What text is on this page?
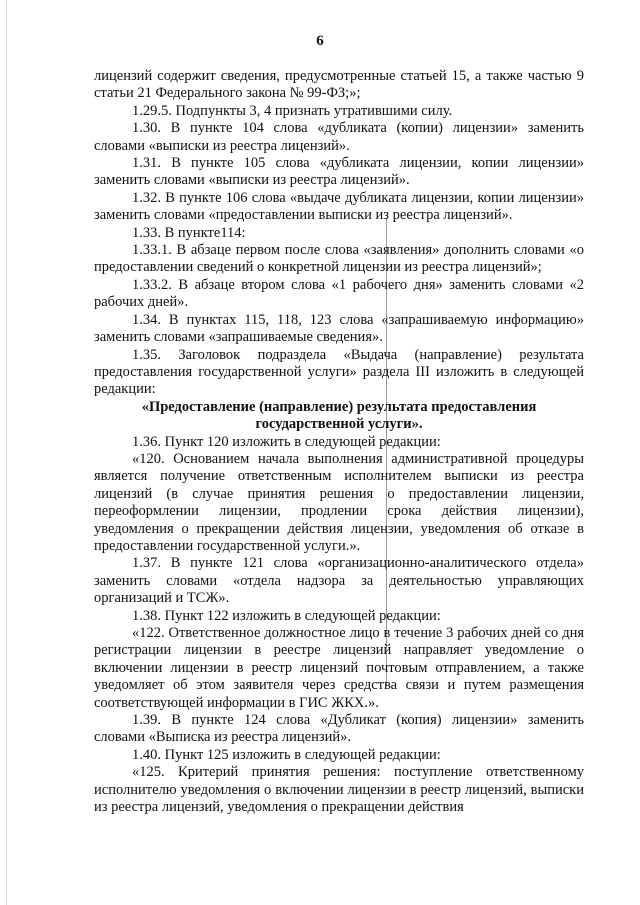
6

лицензий содержит сведения, предусмотренные статьей 15, а также частью 9 статьи 21 Федерального закона № 99-ФЗ;»;

1.29.5. Подпункты 3, 4 признать утратившими силу.

1.30. В пункте 104 слова «дубликата (копии) лицензии» заменить словами «выписки из реестра лицензий».

1.31. В пункте 105 слова «дубликата лицензии, копии лицензии» заменить словами «выписки из реестра лицензий».

1.32. В пункте 106 слова «выдаче дубликата лицензии, копии лицензии» заменить словами «предоставлении выписки из реестра лицензий».

1.33. В пункте114:

1.33.1. В абзаце первом после слова «заявления» дополнить словами «о предоставлении сведений о конкретной лицензии из реестра лицензий»;

1.33.2. В абзаце втором слова «1 рабочего дня» заменить словами «2 рабочих дней».

1.34. В пунктах 115, 118, 123 слова «запрашиваемую информацию» заменить словами «запрашиваемые сведения».

1.35. Заголовок подраздела «Выдача (направление) результата предоставления государственной услуги» раздела III изложить в следующей редакции:

«Предоставление (направление) результата предоставления государственной услуги».

1.36. Пункт 120 изложить в следующей редакции:

«120. Основанием начала выполнения административной процедуры является получение ответственным исполнителем выписки из реестра лицензий (в случае принятия решения о предоставлении лицензии, переоформлении лицензии, продлении срока действия лицензии), уведомления о прекращении действия лицензии, уведомления об отказе в предоставлении государственной услуги.».

1.37. В пункте 121 слова «организационно-аналитического отдела» заменить словами «отдела надзора за деятельностью управляющих организаций и ТСЖ».

1.38. Пункт 122 изложить в следующей редакции:

«122. Ответственное должностное лицо в течение 3 рабочих дней со дня регистрации лицензии в реестре лицензий направляет уведомление о включении лицензии в реестр лицензий почтовым отправлением, а также уведомляет об этом заявителя через средства связи и путем размещения соответствующей информации в ГИС ЖКХ.».

1.39. В пункте 124 слова «Дубликат (копия) лицензии» заменить словами «Выписка из реестра лицензий».

1.40. Пункт 125 изложить в следующей редакции:

«125. Критерий принятия решения: поступление ответственному исполнителю уведомления о включении лицензии в реестр лицензий, выписки из реестра лицензий, уведомления о прекращении действия
